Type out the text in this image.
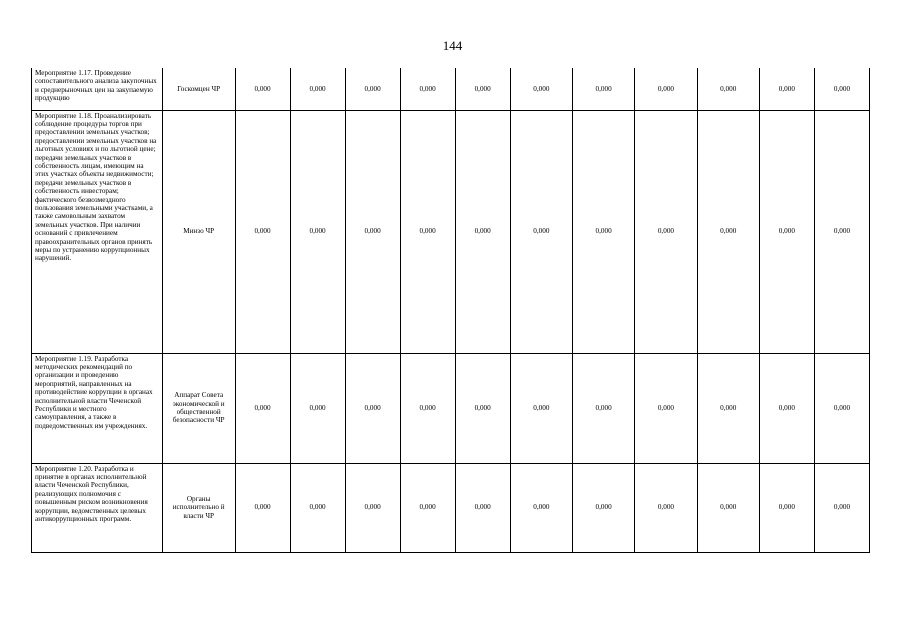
144
Мероприятие 1.17. Проведение сопоставительного анализа закупочных и среднерыночных цен на закупаемую продукцию	Госкомцен ЧР	0,000	0,000	0,000	0,000	0,000	0,000	0,000	0,000	0,000	0,000	0,000
Мероприятие 1.18. Проанализировать соблюдение процедуры торгов при предоставлении земельных участков; предоставлении земельных участков на льготных условиях и по льготной цене; передачи земельных участков в собственность лицам, имеющим на этих участках объекты недвижимости; передачи земельных участков в собственность инвесторам; фактического безвозмездного пользования земельными участками, а также самовольным захватом земельных участков. При наличии оснований с привлечением правоохранительных органов принять меры по устранению коррупционных нарушений.	Минзо ЧР	0,000	0,000	0,000	0,000	0,000	0,000	0,000	0,000	0,000	0,000	0,000
Мероприятие 1.19. Разработка методических рекомендаций по организации и проведению мероприятий, направленных на противодействие коррупции в органах исполнительной власти Чеченской Республики и местного самоуправления, а также в подведомственных им учреждениях.	Аппарат Совета экономической и общественной безопасности ЧР	0,000	0,000	0,000	0,000	0,000	0,000	0,000	0,000	0,000	0,000	0,000
Мероприятие 1.20. Разработка и принятие в органах исполнительной власти Чеченской Республики, реализующих полномочия с повышенным риском возникновения коррупции, ведомственных целевых антикоррупционных программ.	Органы исполнительно й власти ЧР	0,000	0,000	0,000	0,000	0,000	0,000	0,000	0,000	0,000	0,000	0,000
